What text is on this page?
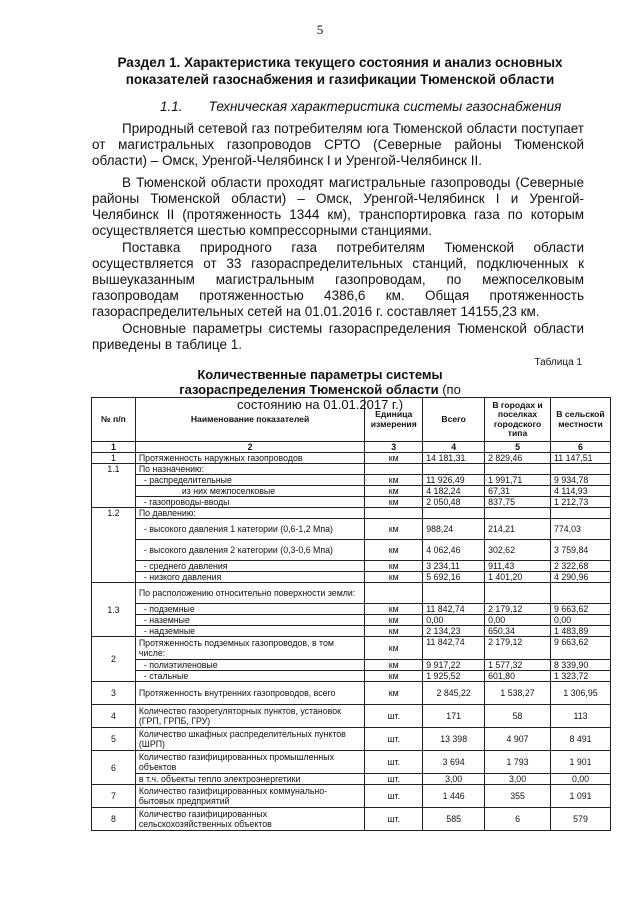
5
Раздел 1. Характеристика текущего состояния и анализ основных показателей газоснабжения и газификации Тюменской области
1.1. Техническая характеристика системы газоснабжения

Природный сетевой газ потребителям юга Тюменской области поступает от магистральных газопроводов СРТО (Северные районы Тюменской области) – Омск, Уренгой-Челябинск I и Уренгой-Челябинск II.

В Тюменской области проходят магистральные газопроводы (Северные районы Тюменской области) – Омск, Уренгой-Челябинск I и Уренгой-Челябинск II (протяженность 1344 км), транспортировка газа по которым осуществляется шестью компрессорными станциями.

Поставка природного газа потребителям Тюменской области осуществляется от 33 газораспределительных станций, подключенных к вышеуказанным магистральным газопроводам, по межпоселковым газопроводам протяженностью 4386,6 км. Общая протяженность газораспределительных сетей на 01.01.2016 г. составляет 14155,23 км.

Основные параметры системы газораспределения Тюменской области приведены в таблице 1.

Таблица 1
Количественные параметры системы газораспределения Тюменской области (по состоянию на 01.01.2017 г.)
№ п/п	Наименование показателей	Единица измерения	Всего	В городах и поселках городского типа	В сельской местности
1	2	3	4	5	6
1	Протяженность наружных газопроводов	км	14 181,31	2 829,46	11 147,51
1.1	По назначению:				
	- распределительные	км	11 926,49	1 991,71	9 934,78
	из них межпоселковые	км	4 182,24	67,31	4 114,93
	- газопроводы-вводы	км	2 050,48	837,75	1 212,73
1.2	По давлению:				
	- высокого давления 1 категории (0,6-1,2 Мпа)	км	988,24	214,21	774,03
	- высокого давления 2 категории (0,3-0,6 Мпа)	км	4 062,46	302,62	3 759,84
	- среднего давления	км	3 234,11	911,43	2 322,68
	- низкого давления	км	5 692,16	1 401,20	4 290,96
1.3	По расположению относительно поверхности земли:				
	- подземные	км	11 842,74	2 179,12	9 663,62
	- наземные	км	0,00	0,00	0,00
	- надземные	км	2 134,23	650,34	1 483,89
2	Протяженность подземных газопроводов, в том числе:	км	11 842,74	2 179,12	9 663,62
	- полиэтиленовые	км	9 917,22	1 577,32	8 339,90
	- стальные	км	1 925,52	601,80	1 323,72
3	Протяженность внутренних газопроводов, всего	км	2 845,22	1 538,27	1 306,95
4	Количество газорегуляторных пунктов, установок (ГРП, ГРПБ, ГРУ)	шт.	171	58	113
5	Количество шкафных распределительных пунктов (ШРП)	шт.	13 398	4 907	8 491
6	Количество газифицированных промышленных объектов	шт.	3 694	1 793	1 901
	в т.ч. объекты тепло электроэнергетики	шт.	3,00	3,00	0,00
7	Количество газифицированных коммунально-бытовых предприятий	шт.	1 446	355	1 091
8	Количество газифицированных сельскохозяйственных объектов	шт.	585	6	579
